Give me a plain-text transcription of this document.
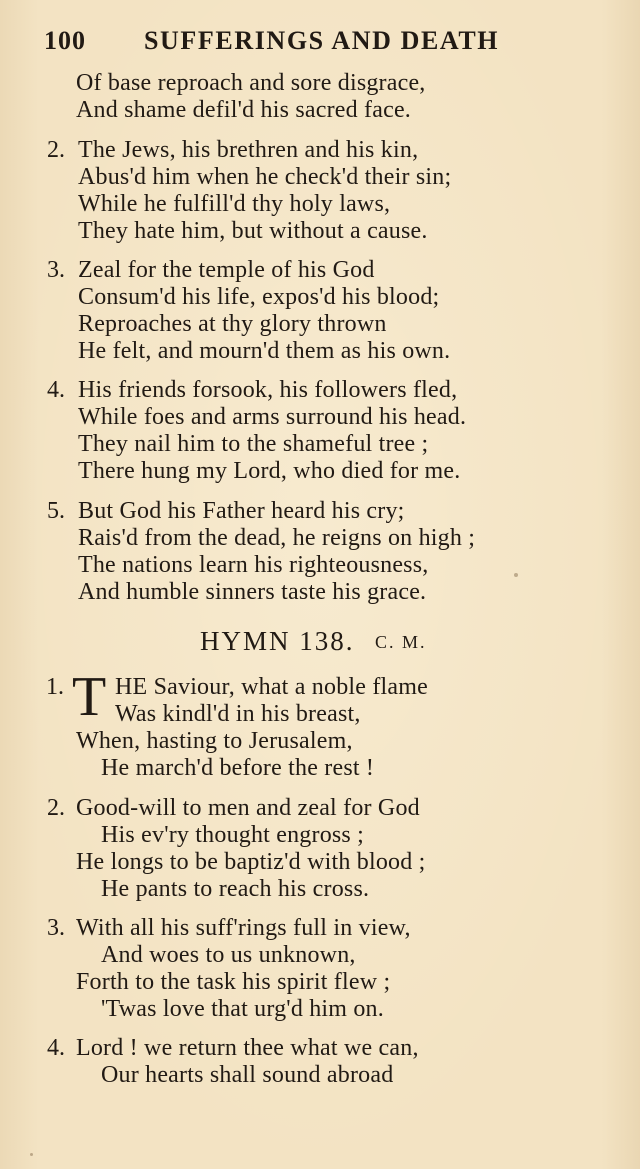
100 SUFFERINGS AND DEATH
Of base reproach and sore disgrace,
And shame defil'd his sacred face.
2. The Jews, his brethren and his kin,
Abus'd him when he check'd their sin;
While he fulfill'd thy holy laws,
They hate him, but without a cause.
3. Zeal for the temple of his God
Consum'd his life, expos'd his blood;
Reproaches at thy glory thrown
He felt, and mourn'd them as his own.
4. His friends forsook, his followers fled,
While foes and arms surround his head.
They nail him to the shameful tree ;
There hung my Lord, who died for me.
5. But God his Father heard his cry;
Rais'd from the dead, he reigns on high ;
The nations learn his righteousness,
And humble sinners taste his grace.
HYMN 138. C. M.
1. T HE Saviour, what a noble flame
Was kindl'd in his breast,
When, hasting to Jerusalem,
He march'd before the rest !
2. Good-will to men and zeal for God
His ev'ry thought engross ;
He longs to be baptiz'd with blood ;
He pants to reach his cross.
3. With all his suff'rings full in view,
And woes to us unknown,
Forth to the task his spirit flew ;
'Twas love that urg'd him on.
4. Lord ! we return thee what we can,
Our hearts shall sound abroad
